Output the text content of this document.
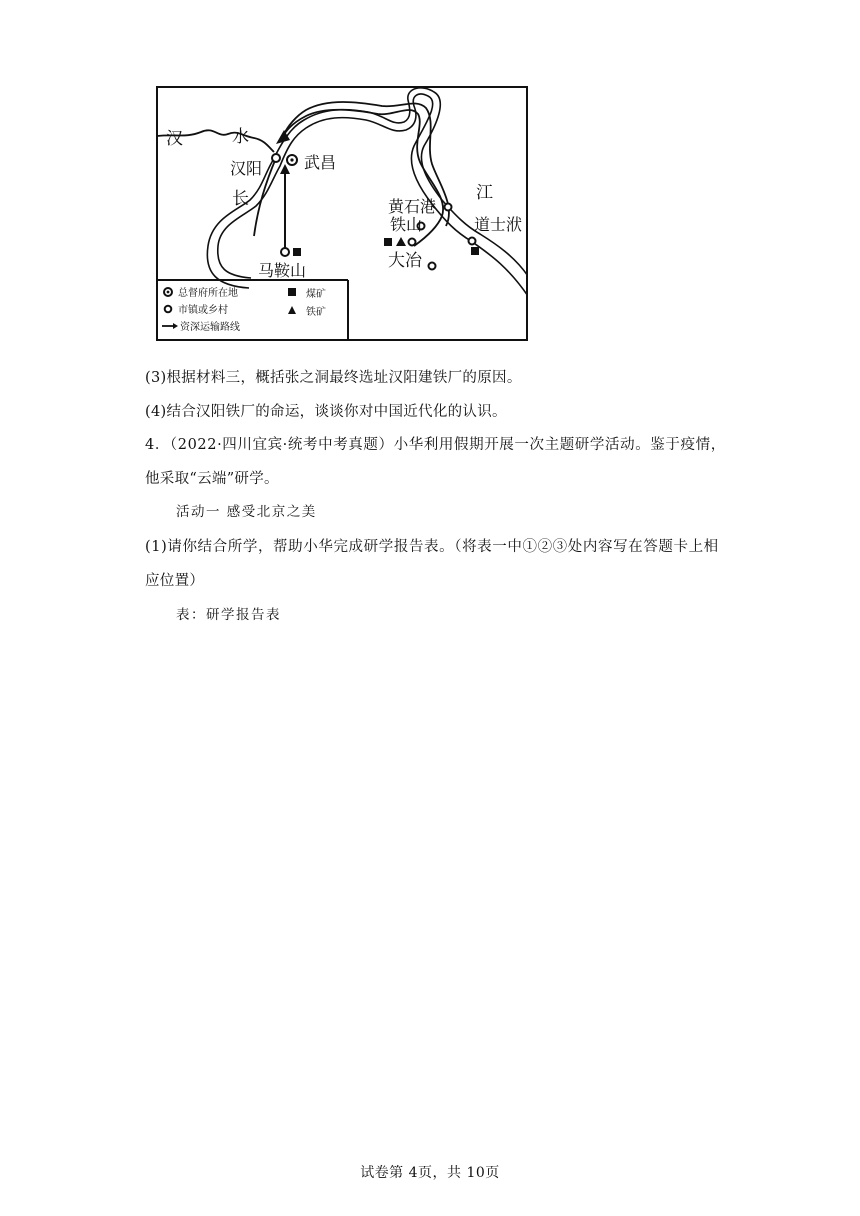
汉	水
汉阳	武昌
长	江
黄石港
铁山	道士洑
大冶
马鞍山
总督府所在地
市镇或乡村
资深运输路线
煤矿
铁矿
(3)根据材料三，概括张之洞最终选址汉阳建铁厂的原因。
(4)结合汉阳铁厂的命运，谈谈你对中国近代化的认识。
4．（2022·四川宜宾·统考中考真题）小华利用假期开展一次主题研学活动。鉴于疫情，
他采取“云端”研学。
活动一 感受北京之美
(1)请你结合所学，帮助小华完成研学报告表。（将表一中①②③处内容写在答题卡上相
应位置）
表：研学报告表
试卷第 4页，共 10页
